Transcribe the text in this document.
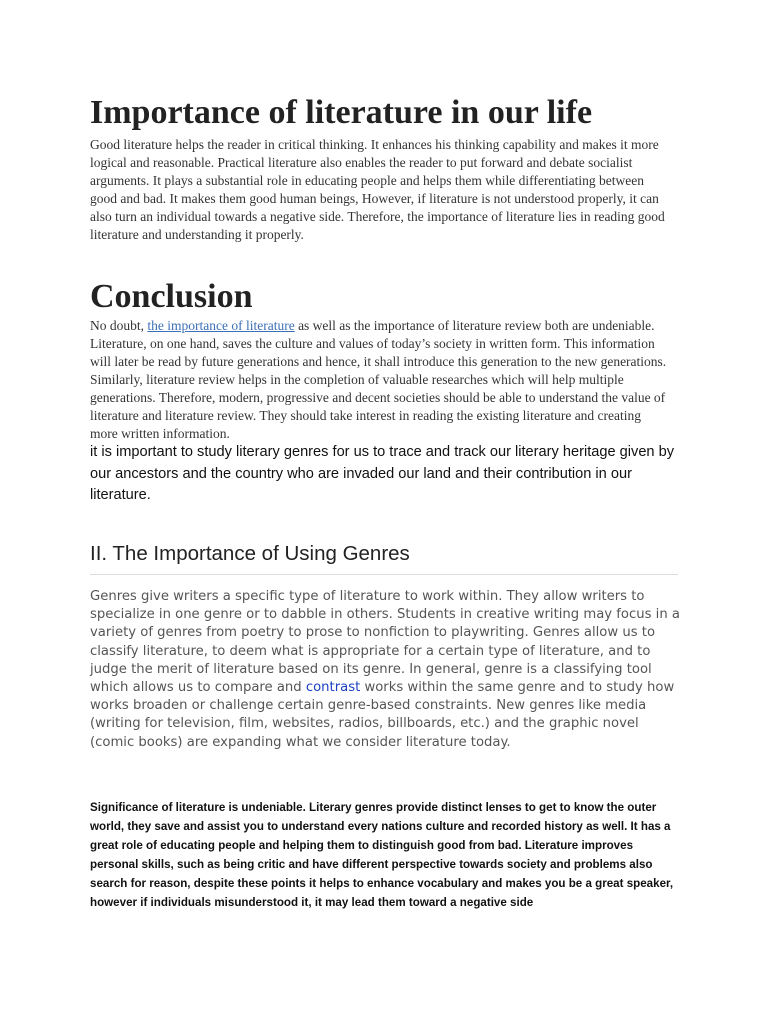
Importance of literature in our life

Good literature helps the reader in critical thinking. It enhances his thinking capability and makes it more logical and reasonable. Practical literature also enables the reader to put forward and debate socialist arguments. It plays a substantial role in educating people and helps them while differentiating between good and bad. It makes them good human beings, However, if literature is not understood properly, it can also turn an individual towards a negative side. Therefore, the importance of literature lies in reading good literature and understanding it properly.

Conclusion

No doubt, the importance of literature as well as the importance of literature review both are undeniable. Literature, on one hand, saves the culture and values of today’s society in written form. This information will later be read by future generations and hence, it shall introduce this generation to the new generations. Similarly, literature review helps in the completion of valuable researches which will help multiple generations. Therefore, modern, progressive and decent societies should be able to understand the value of literature and literature review. They should take interest in reading the existing literature and creating more written information.

it is important to study literary genres for us to trace and track our literary heritage given by our ancestors and the country who are invaded our land and their contribution in our literature.

II. The Importance of Using Genres

Genres give writers a specific type of literature to work within. They allow writers to specialize in one genre or to dabble in others. Students in creative writing may focus in a variety of genres from poetry to prose to nonfiction to playwriting. Genres allow us to classify literature, to deem what is appropriate for a certain type of literature, and to judge the merit of literature based on its genre. In general, genre is a classifying tool which allows us to compare and contrast works within the same genre and to study how works broaden or challenge certain genre-based constraints. New genres like media (writing for television, film, websites, radios, billboards, etc.) and the graphic novel (comic books) are expanding what we consider literature today.

Significance of literature is undeniable. Literary genres provide distinct lenses to get to know the outer world, they save and assist you to understand every nations culture and recorded history as well. It has a great role of educating people and helping them to distinguish good from bad. Literature improves personal skills, such as being critic and have different perspective towards society and problems also search for reason, despite these points it helps to enhance vocabulary and makes you be a great speaker, however if individuals misunderstood it, it may lead them toward a negative side
